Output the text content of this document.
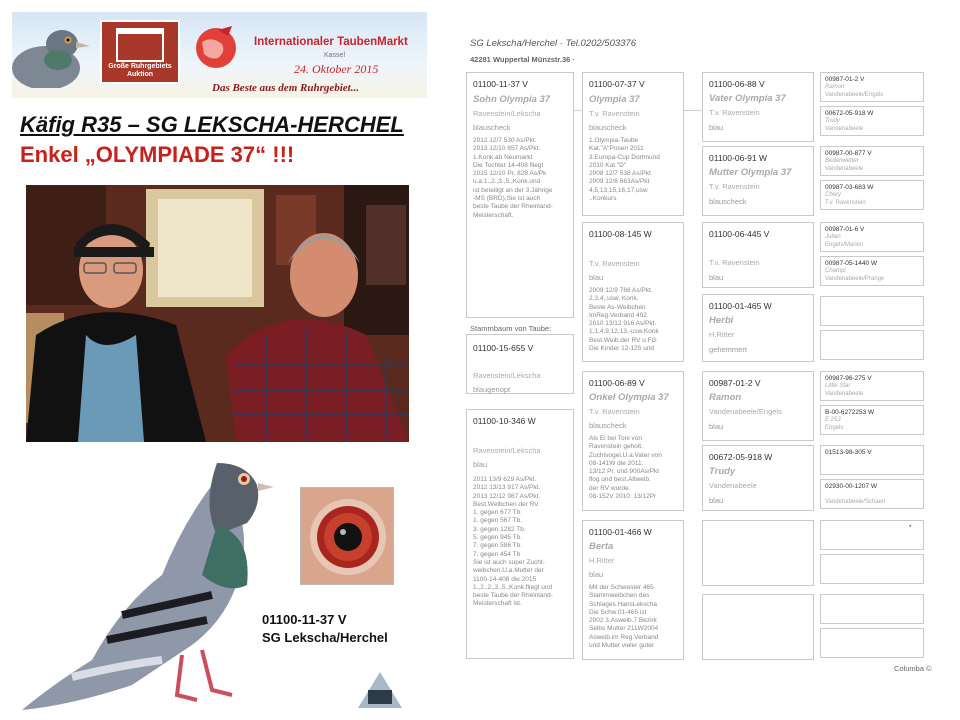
Große Ruhrgebiets Auktion
Internationaler TaubenMarkt
Kassel
24. Oktober 2015
Das Beste aus dem Ruhrgebiet...
Käfig R35 – SG LEKSCHA-HERCHEL
Enkel „OLYMPIADE 37“ !!!
01100-11-37 V
SG Lekscha/Herchel
SG Lekscha/Herchel · Tel.0202/503376
42281 Wuppertal Münzstr.36 ·
01100-11-37 V
Sohn Olympia 37
Ravenstein/Lekscha
blauscheck
2012 12/7 530 As/Pkt.
2013 12/10 657 As/Pkt.
1.Konk.ab Neumarkt
Die Tochter 14-408 fliegt
2015 12/10 Pr. 828 As/Pk
u.a.1.,2.,3.,5.,Konk.und
ist beteiligt an der 3.Jährige
-MS (BRD),Sie ist auch
beste Taube der Rheinland-
Meisterschaft.
Stammbaum von Taube:
01100-15-655 V
Ravenstein/Lekscha
blaugenopt
01100-10-346 W
Ravenstein/Lekscha
blau
2011 13/9 629 As/Pkt.
2012 13/13 917 As/Pkt.
2013 12/12 987 As/Pkt.
Best.Welbchen der RV.
1. gegen 677 Tb.
1. gegen 567 Tb.
3. gegen 1282 Tb.
5. gegen 945 Tb.
7. gegen 586 Tb.
7. gegen 454 Tb
Sie ist auch super Zucht-
weibchen.U.a.Mutter der
1100-14-408 die 2015
1.,2.,2.,3.,5.,Konk.fliegt und
beste Taube der Rheinland-
Meisterschaft ist.
01100-07-37 V
Olympia 37
T.v. Ravenstein
blauscheck
1.Olympia-Taube
Kat."A"Posen 2011
3.Europa-Cup Dortmund
2010 Kat."D"
2008 12/7 538 As/Pkt
2009 12/8 663As/Pkt
4,5,13,15,16,17,usw
..Konkurs
01100-08-145 W
T.v. Ravenstein
blau
2009 12/9 768 As/Pkt.
2,3,4,,usw. Konk.
Beste As-Weibchen
ImReg.Verband 402.
2010 13/12 916 As/Pkt.
1,1,4,9,12,13,-usw.Konk
Best.Weib.der RV u.FG
Die Kinder 12-125 und
01100-06-89 V
Onkel Olympia 37
T.v. Ravenstein
blauscheck
Als Ei bei Toni von
Ravenstein geholt.
Zuchtvogel.U.a.Vater von
08-141W die 2011:
13/12 Pr. und 900As/Pkt
flog und best.Altweib.
der RV wurde.
08-152V 2010: 13/12Pr
01100-01-466 W
Berta
H.Ritter
blau
Mit der Schwester 465
Stammweibchen des
Schlages HansLekscha
Die Schw.01-465 ist
2002 3.Asweib.7.Bezirk
Selbs Mutter 211W2004
Asweib.im Reg.Verband
und Mutter vieler guter
01100-06-88 V
Vater Olympia 37
T.v. Ravenstein
blau
01100-06-91 W
Mutter Olympia 37
T.v. Ravenstein
blauscheck
01100-06-445 V
T.v. Ravenstein
blau
01100-01-465 W
Herbi
H.Ritter
gehemmert
00987-01-2 V
Ramon
Vandenabeele/Engels
blau
00672-05-918 W
Trudy
Vandenabeele
blau
00987-01-2 V
Ramon
Vandenabeele/Engels
00672-05-918 W
Trudy
Vandenabeele
00987-00-877 V
Bedenwetter
Vandenabeele
00987-03-683 W
Chery
T.v. Ravenstein
00987-01-6 V
Julian
Engels/Marien
00987-05-1440 W
Champi
Vandenabeele/Prange
00987-96-275 V
Little Star
Vandenabeele
B-00-6272253 W
E 253
Engels
01513-98-305 V
02930-00-1207 W
Vandenabeele/Schaerl
*
Columba ©
